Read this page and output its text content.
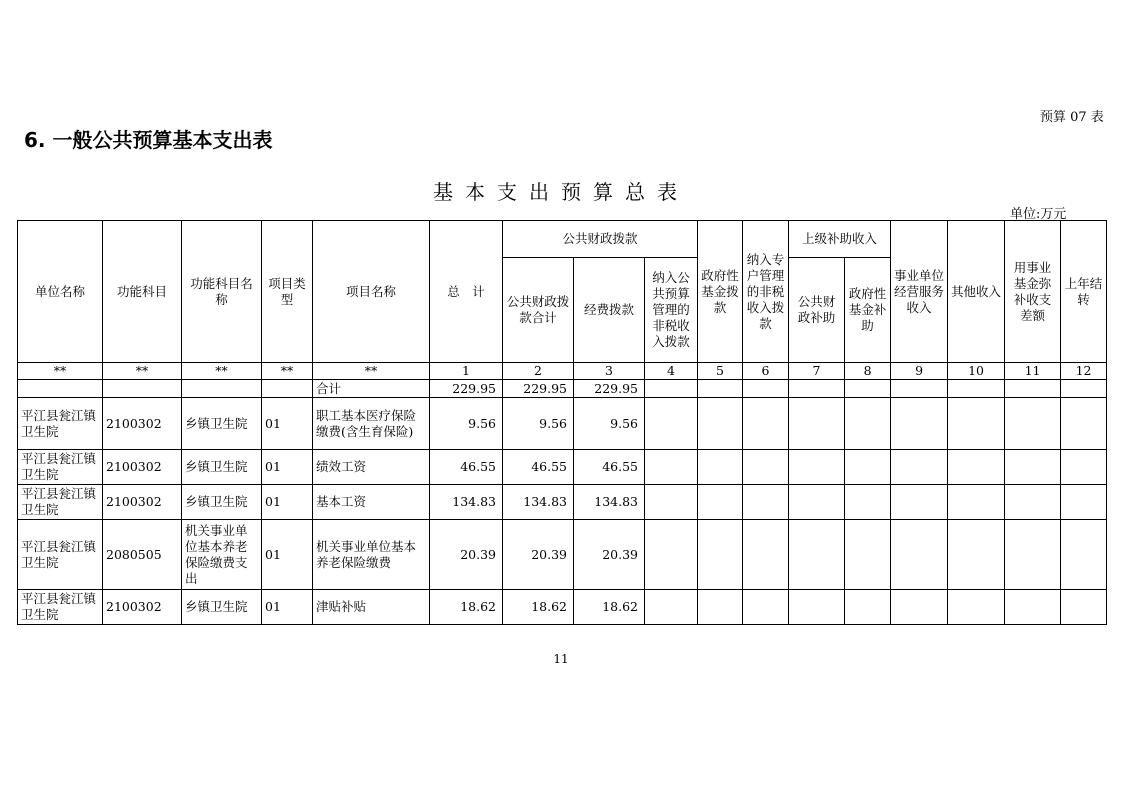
预算 07 表
6. 一般公共预算基本支出表
基本支出预算总表
单位:万元
单位名称	功能科目	功能科目名称	项目类型	项目名称	总　计	公共财政拨款			政府性基金拨款	纳入专户管理的非税收入拨款	上级补助收入		事业单位经营服务收入	其他收入	用事业基金弥补收支差额	上年结转
						公共财政拨款合计	经费拨款	纳入公共预算管理的非税收入拨款			公共财政补助	政府性基金补助				
**	**	**	**	**	1	2	3	4	5	6	7	8	9	10	11	12
				合计	229.95	229.95	229.95									
平江县瓮江镇卫生院	2100302	乡镇卫生院	01	职工基本医疗保险缴费(含生育保险)	9.56	9.56	9.56									
平江县瓮江镇卫生院	2100302	乡镇卫生院	01	绩效工资	46.55	46.55	46.55									
平江县瓮江镇卫生院	2100302	乡镇卫生院	01	基本工资	134.83	134.83	134.83									
平江县瓮江镇卫生院	2080505	机关事业单位基本养老保险缴费支出	01	机关事业单位基本养老保险缴费	20.39	20.39	20.39									
平江县瓮江镇卫生院	2100302	乡镇卫生院	01	津贴补贴	18.62	18.62	18.62									
11
